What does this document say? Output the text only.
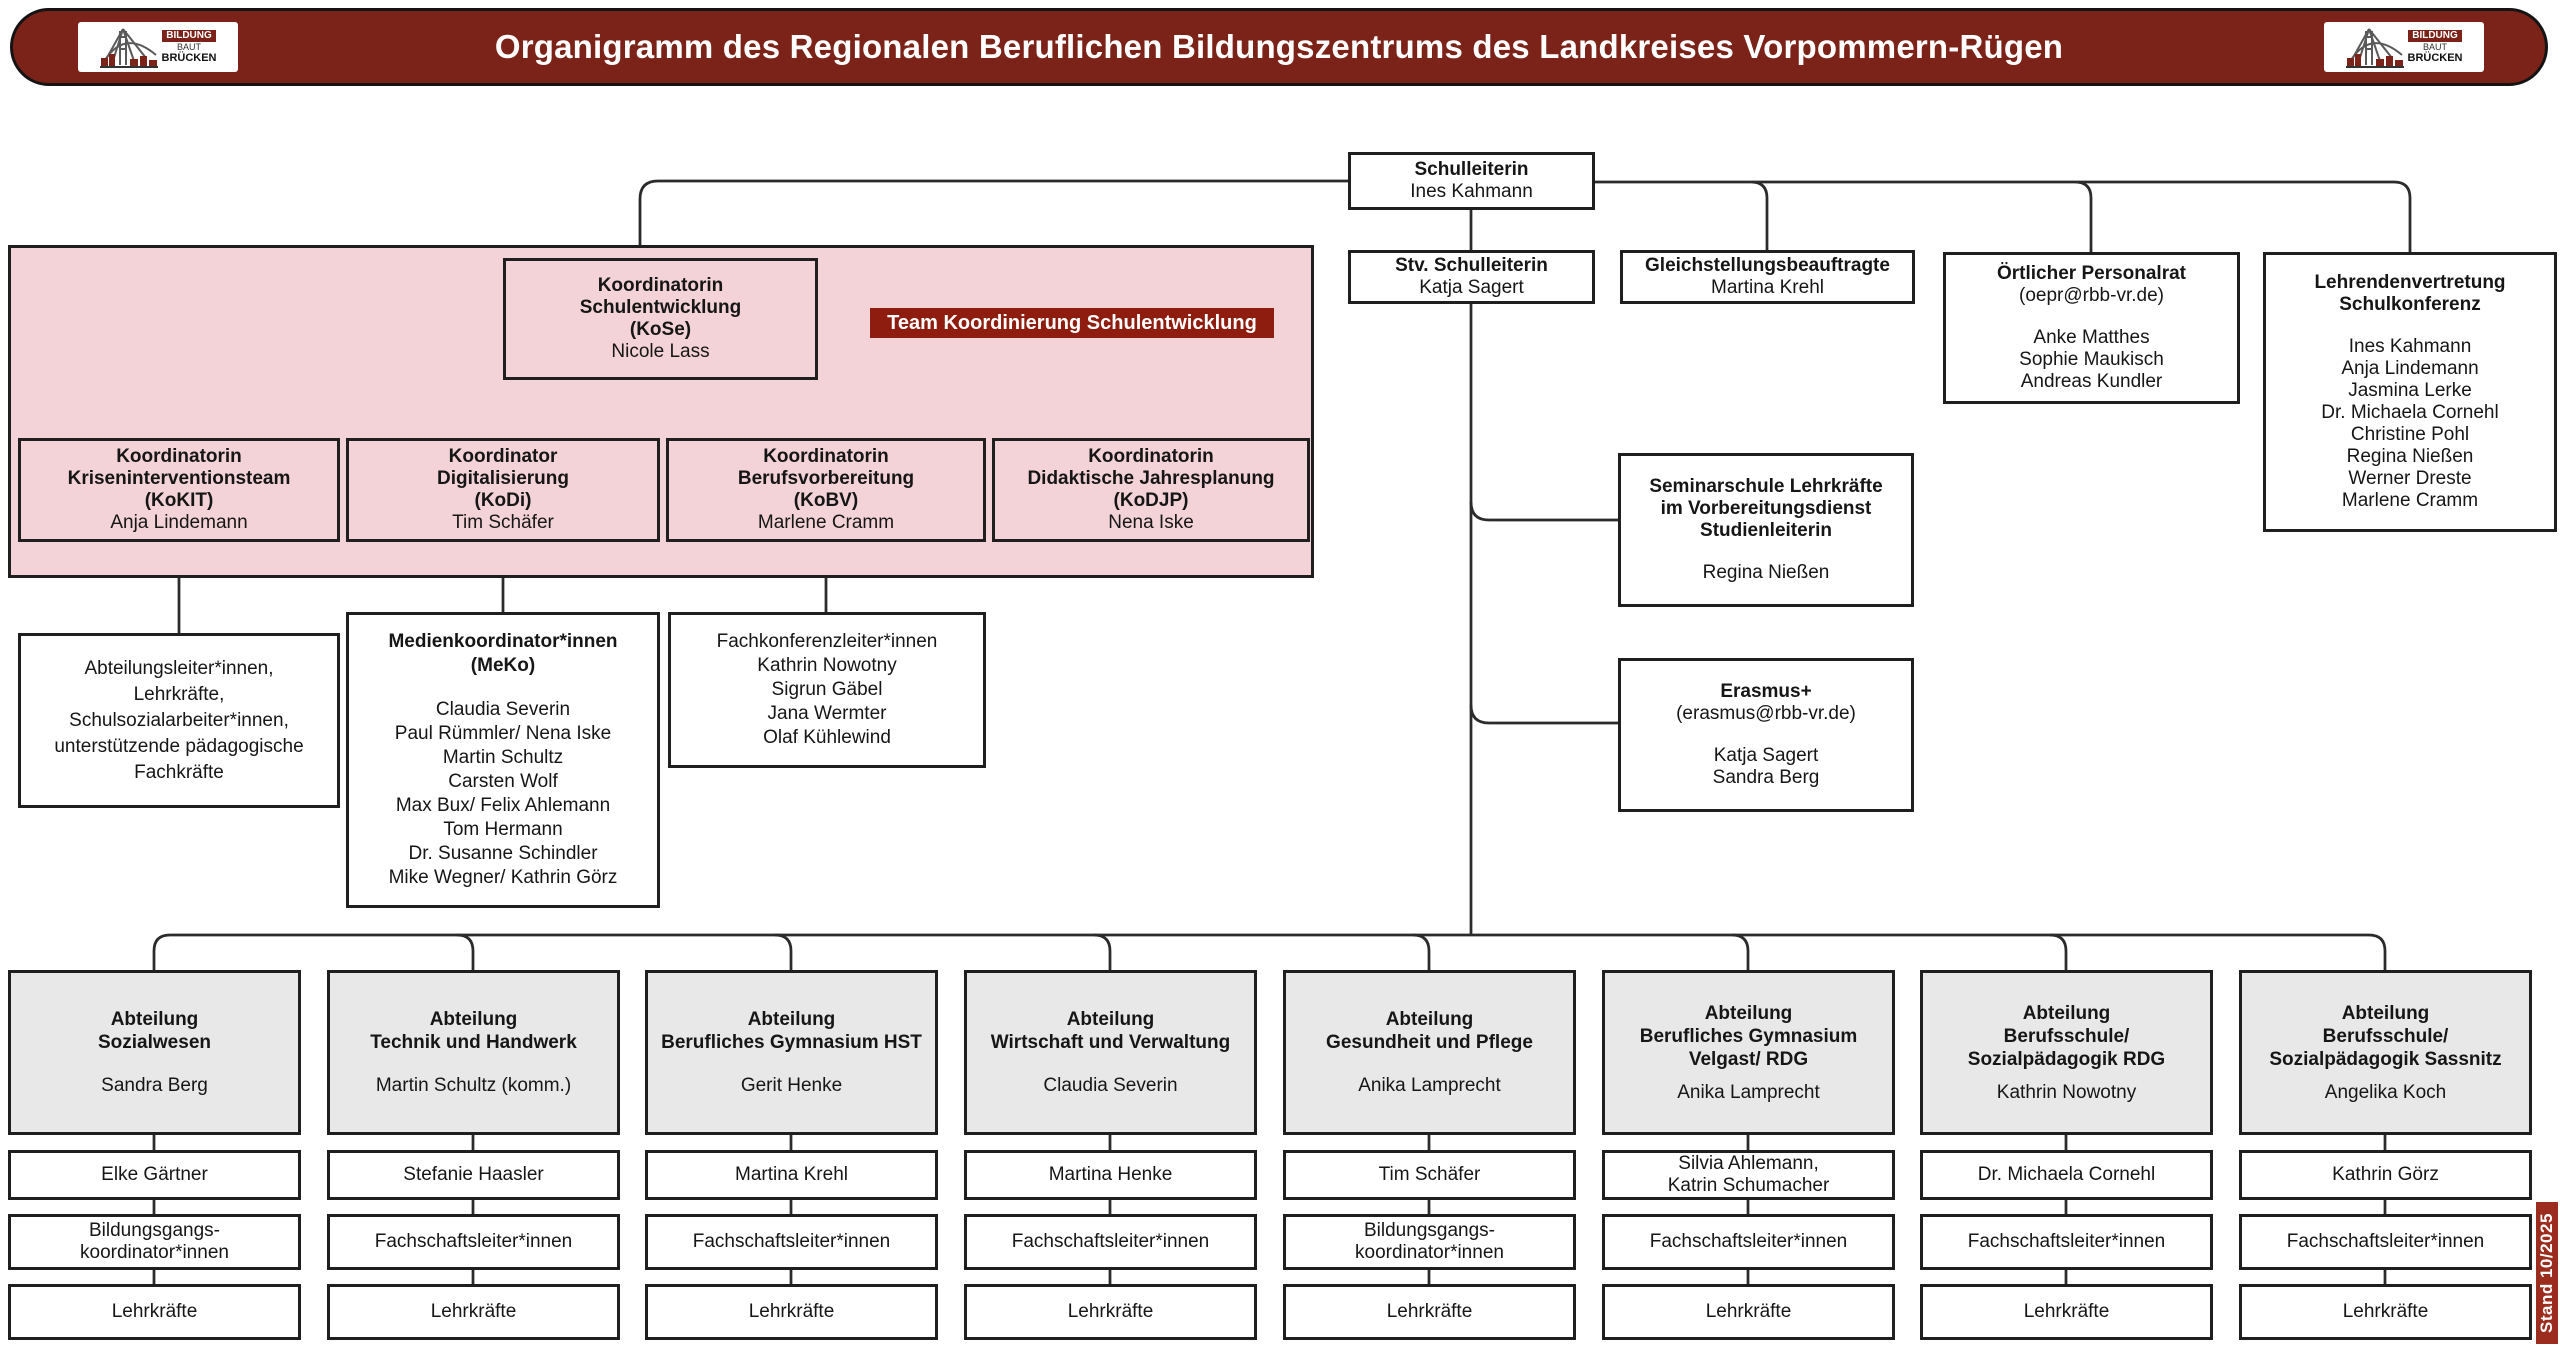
Organigramm des Regionalen Beruflichen Bildungszentrums des Landkreises Vorpommern-Rügen
BILDUNG
BAUT
BRÜCKEN
BILDUNG
BAUT
BRÜCKEN
Schulleiterin
Ines Kahmann
Stv. Schulleiterin
Katja Sagert
Gleichstellungsbeauftragte
Martina Krehl
Örtlicher Personalrat
(oepr@rbb-vr.de)
Anke Matthes
Sophie Maukisch
Andreas Kundler
Lehrendenvertretung
Schulkonferenz
Ines Kahmann
Anja Lindemann
Jasmina Lerke
Dr. Michaela Cornehl
Christine Pohl
Regina Nießen
Werner Dreste
Marlene Cramm
Koordinatorin
Schulentwicklung
(KoSe)
Nicole Lass
Team Koordinierung Schulentwicklung
Koordinatorin
Kriseninterventionsteam
(KoKIT)
Anja Lindemann
Koordinator
Digitalisierung
(KoDi)
Tim Schäfer
Koordinatorin
Berufsvorbereitung
(KoBV)
Marlene Cramm
Koordinatorin
Didaktische Jahresplanung
(KoDJP)
Nena Iske
Abteilungsleiter*innen,
Lehrkräfte,
Schulsozialarbeiter*innen,
unterstützende pädagogische
Fachkräfte
Medienkoordinator*innen
(MeKo)
Claudia Severin
Paul Rümmler/ Nena Iske
Martin Schultz
Carsten Wolf
Max Bux/ Felix Ahlemann
Tom Hermann
Dr. Susanne Schindler
Mike Wegner/ Kathrin Görz
Fachkonferenzleiter*innen
Kathrin Nowotny
Sigrun Gäbel
Jana Wermter
Olaf Kühlewind
Seminarschule Lehrkräfte
im Vorbereitungsdienst
Studienleiterin
Regina Nießen
Erasmus+
(erasmus@rbb-vr.de)
Katja Sagert
Sandra Berg
Abteilung
Sozialwesen
Sandra Berg
Abteilung
Technik und Handwerk
Martin Schultz (komm.)
Abteilung
Berufliches Gymnasium HST
Gerit Henke
Abteilung
Wirtschaft und Verwaltung
Claudia Severin
Abteilung
Gesundheit und Pflege
Anika Lamprecht
Abteilung
Berufliches Gymnasium
Velgast/ RDG
Anika Lamprecht
Abteilung
Berufsschule/
Sozialpädagogik RDG
Kathrin Nowotny
Abteilung
Berufsschule/
Sozialpädagogik Sassnitz
Angelika Koch
Elke Gärtner	Stefanie Haasler	Martina Krehl	Martina Henke	Tim Schäfer
Silvia Ahlemann,
Katrin Schumacher
Dr. Michaela Cornehl	Kathrin Görz
Bildungsgangs-
koordinator*innen
Fachschaftsleiter*innen	Fachschaftsleiter*innen	Fachschaftsleiter*innen
Bildungsgangs-
koordinator*innen
Fachschaftsleiter*innen	Fachschaftsleiter*innen	Fachschaftsleiter*innen
Lehrkräfte	Lehrkräfte	Lehrkräfte	Lehrkräfte	Lehrkräfte	Lehrkräfte	Lehrkräfte	Lehrkräfte	Stand 10/2025
